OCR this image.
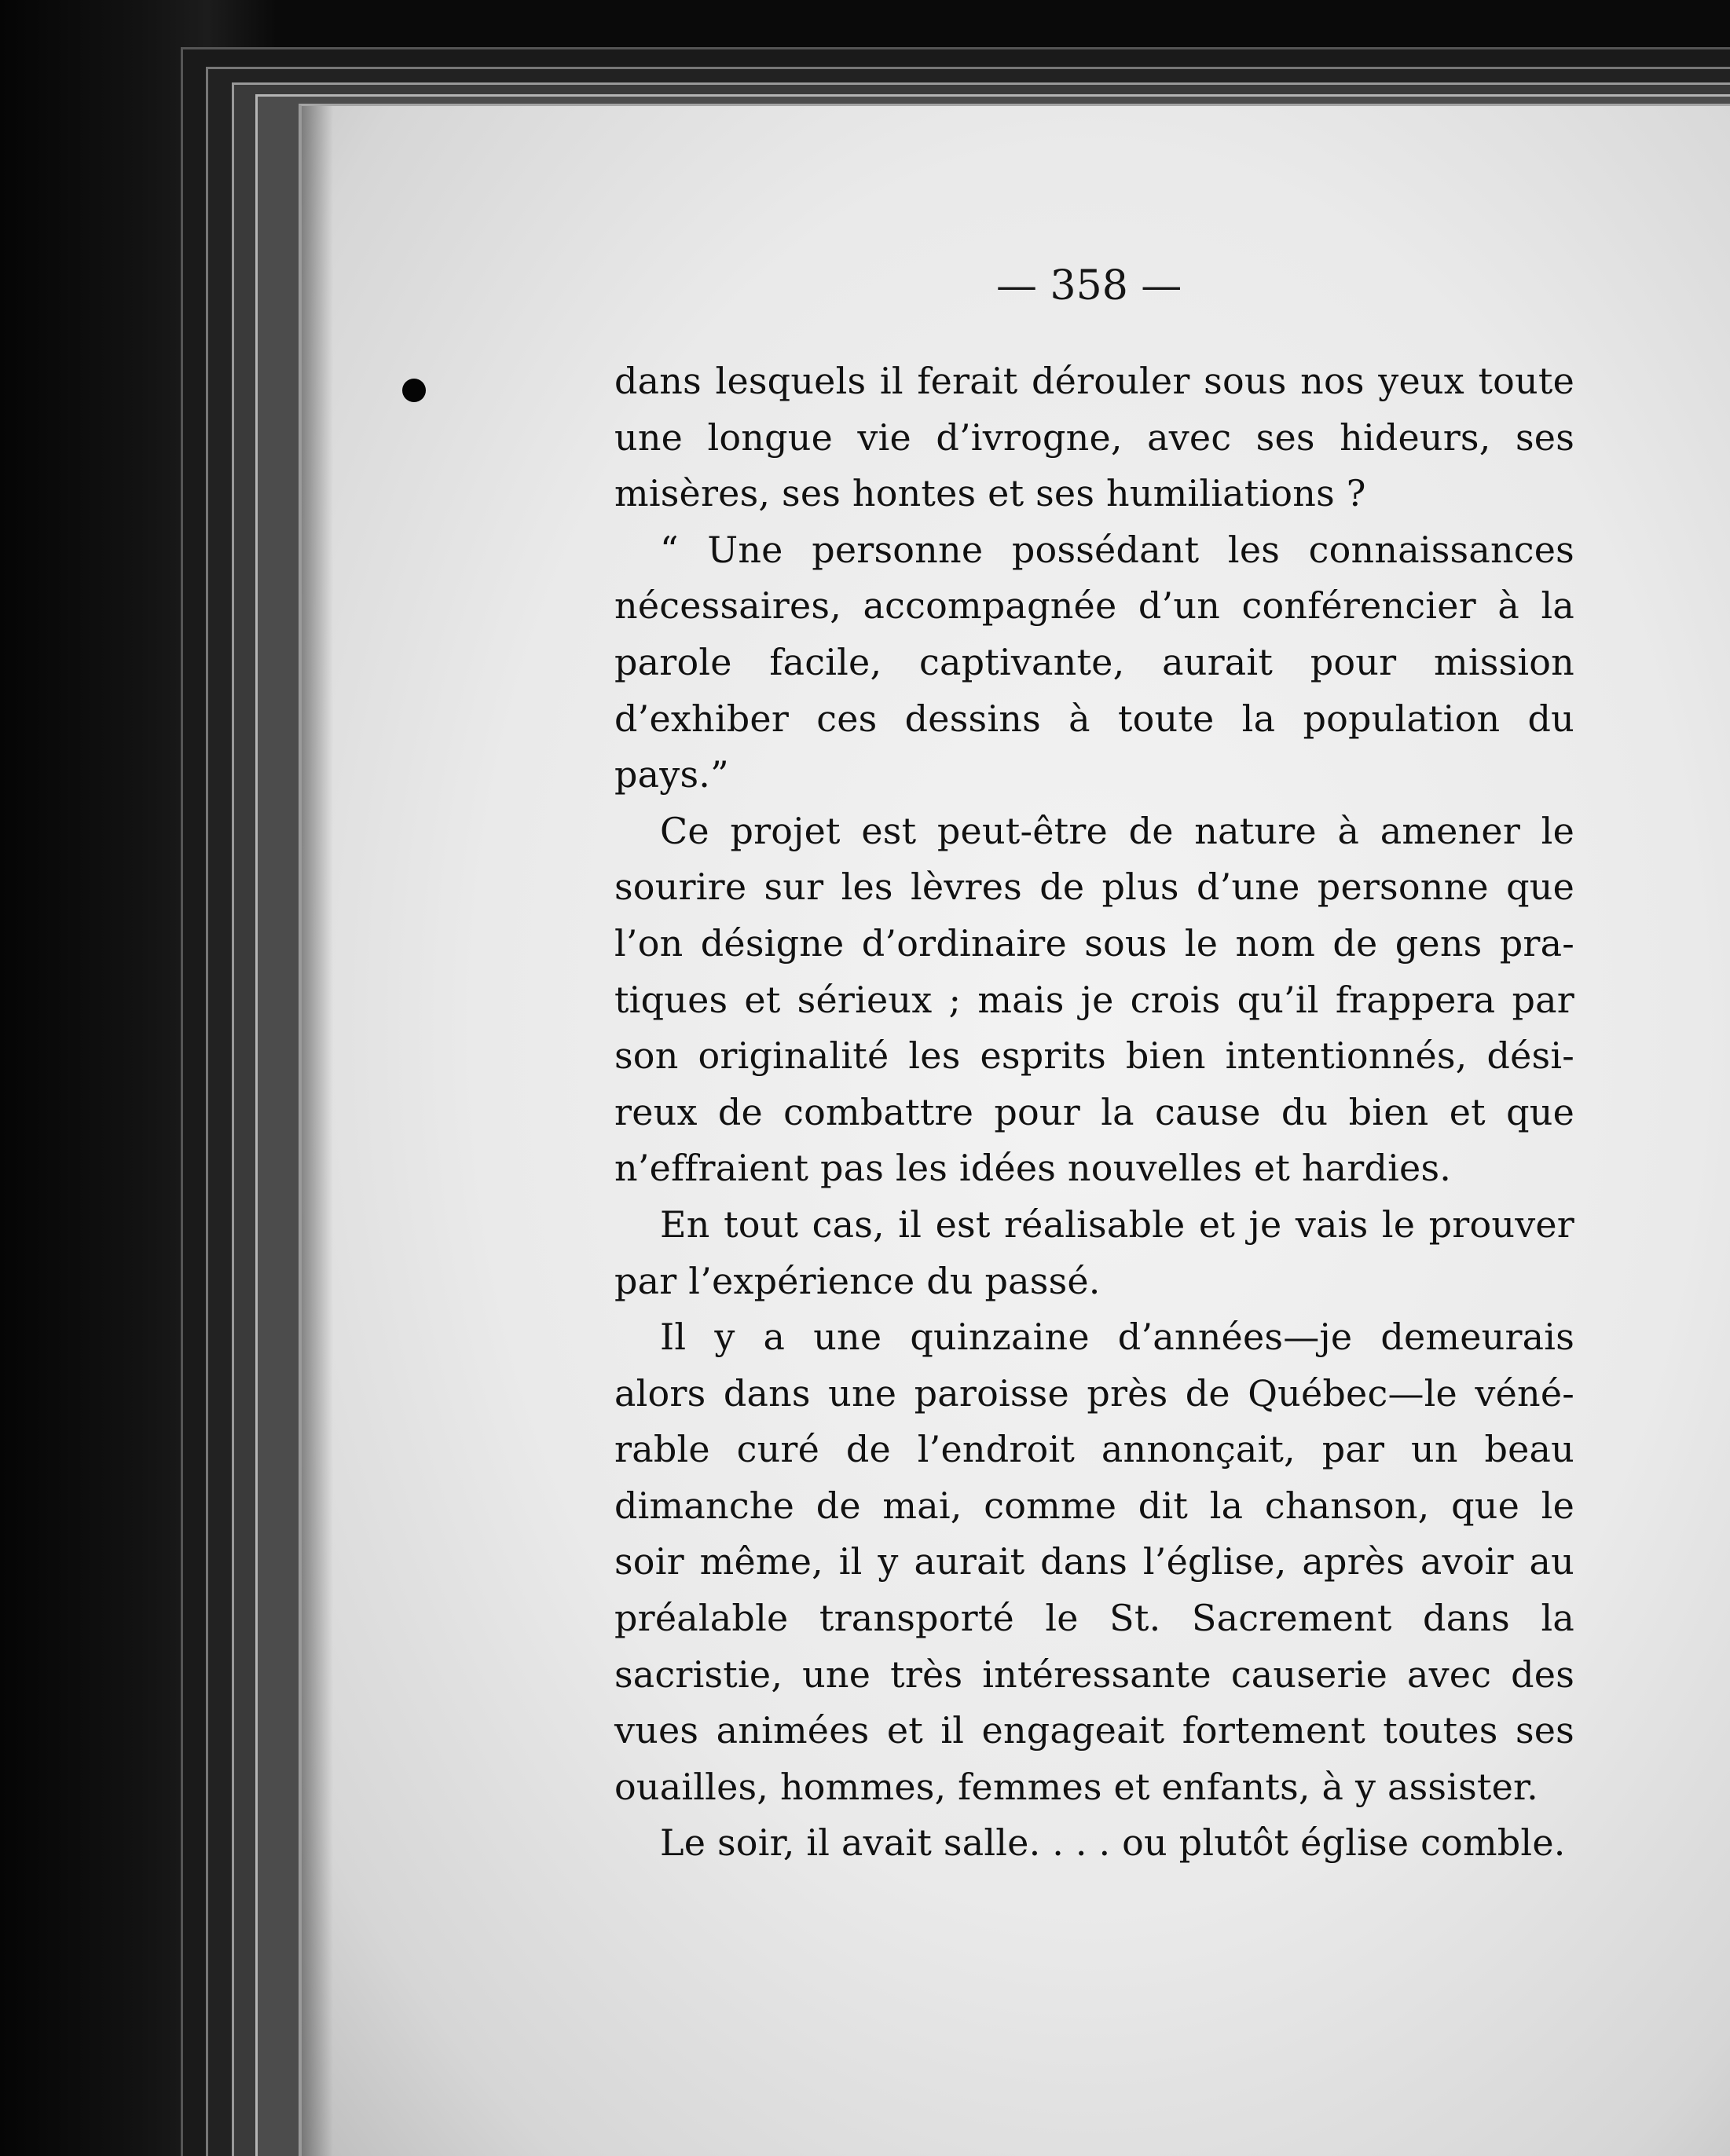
— 358 —
dans lesquels il ferait dérouler sous nos yeux toute
une longue vie d’ivrogne, avec ses hideurs, ses
misères, ses hontes et ses humiliations ?
“ Une personne possédant les connaissances
nécessaires, accompagnée d’un conférencier à la
parole facile, captivante, aurait pour mission
d’exhiber ces dessins à toute la population du
pays.”
Ce projet est peut-être de nature à amener le
sourire sur les lèvres de plus d’une personne que
l’on désigne d’ordinaire sous le nom de gens pra-
tiques et sérieux ; mais je crois qu’il frappera par
son originalité les esprits bien intentionnés, dési-
reux de combattre pour la cause du bien et que
n’effraient pas les idées nouvelles et hardies.
En tout cas, il est réalisable et je vais le prouver
par l’expérience du passé.
Il y a une quinzaine d’années—je demeurais
alors dans une paroisse près de Québec—le véné-
rable curé de l’endroit annonçait, par un beau
dimanche de mai, comme dit la chanson, que le
soir même, il y aurait dans l’église, après avoir au
préalable transporté le St. Sacrement dans la
sacristie, une très intéressante causerie avec des
vues animées et il engageait fortement toutes ses
ouailles, hommes, femmes et enfants, à y assister.
Le soir, il avait salle. . . . ou plutôt église comble.
